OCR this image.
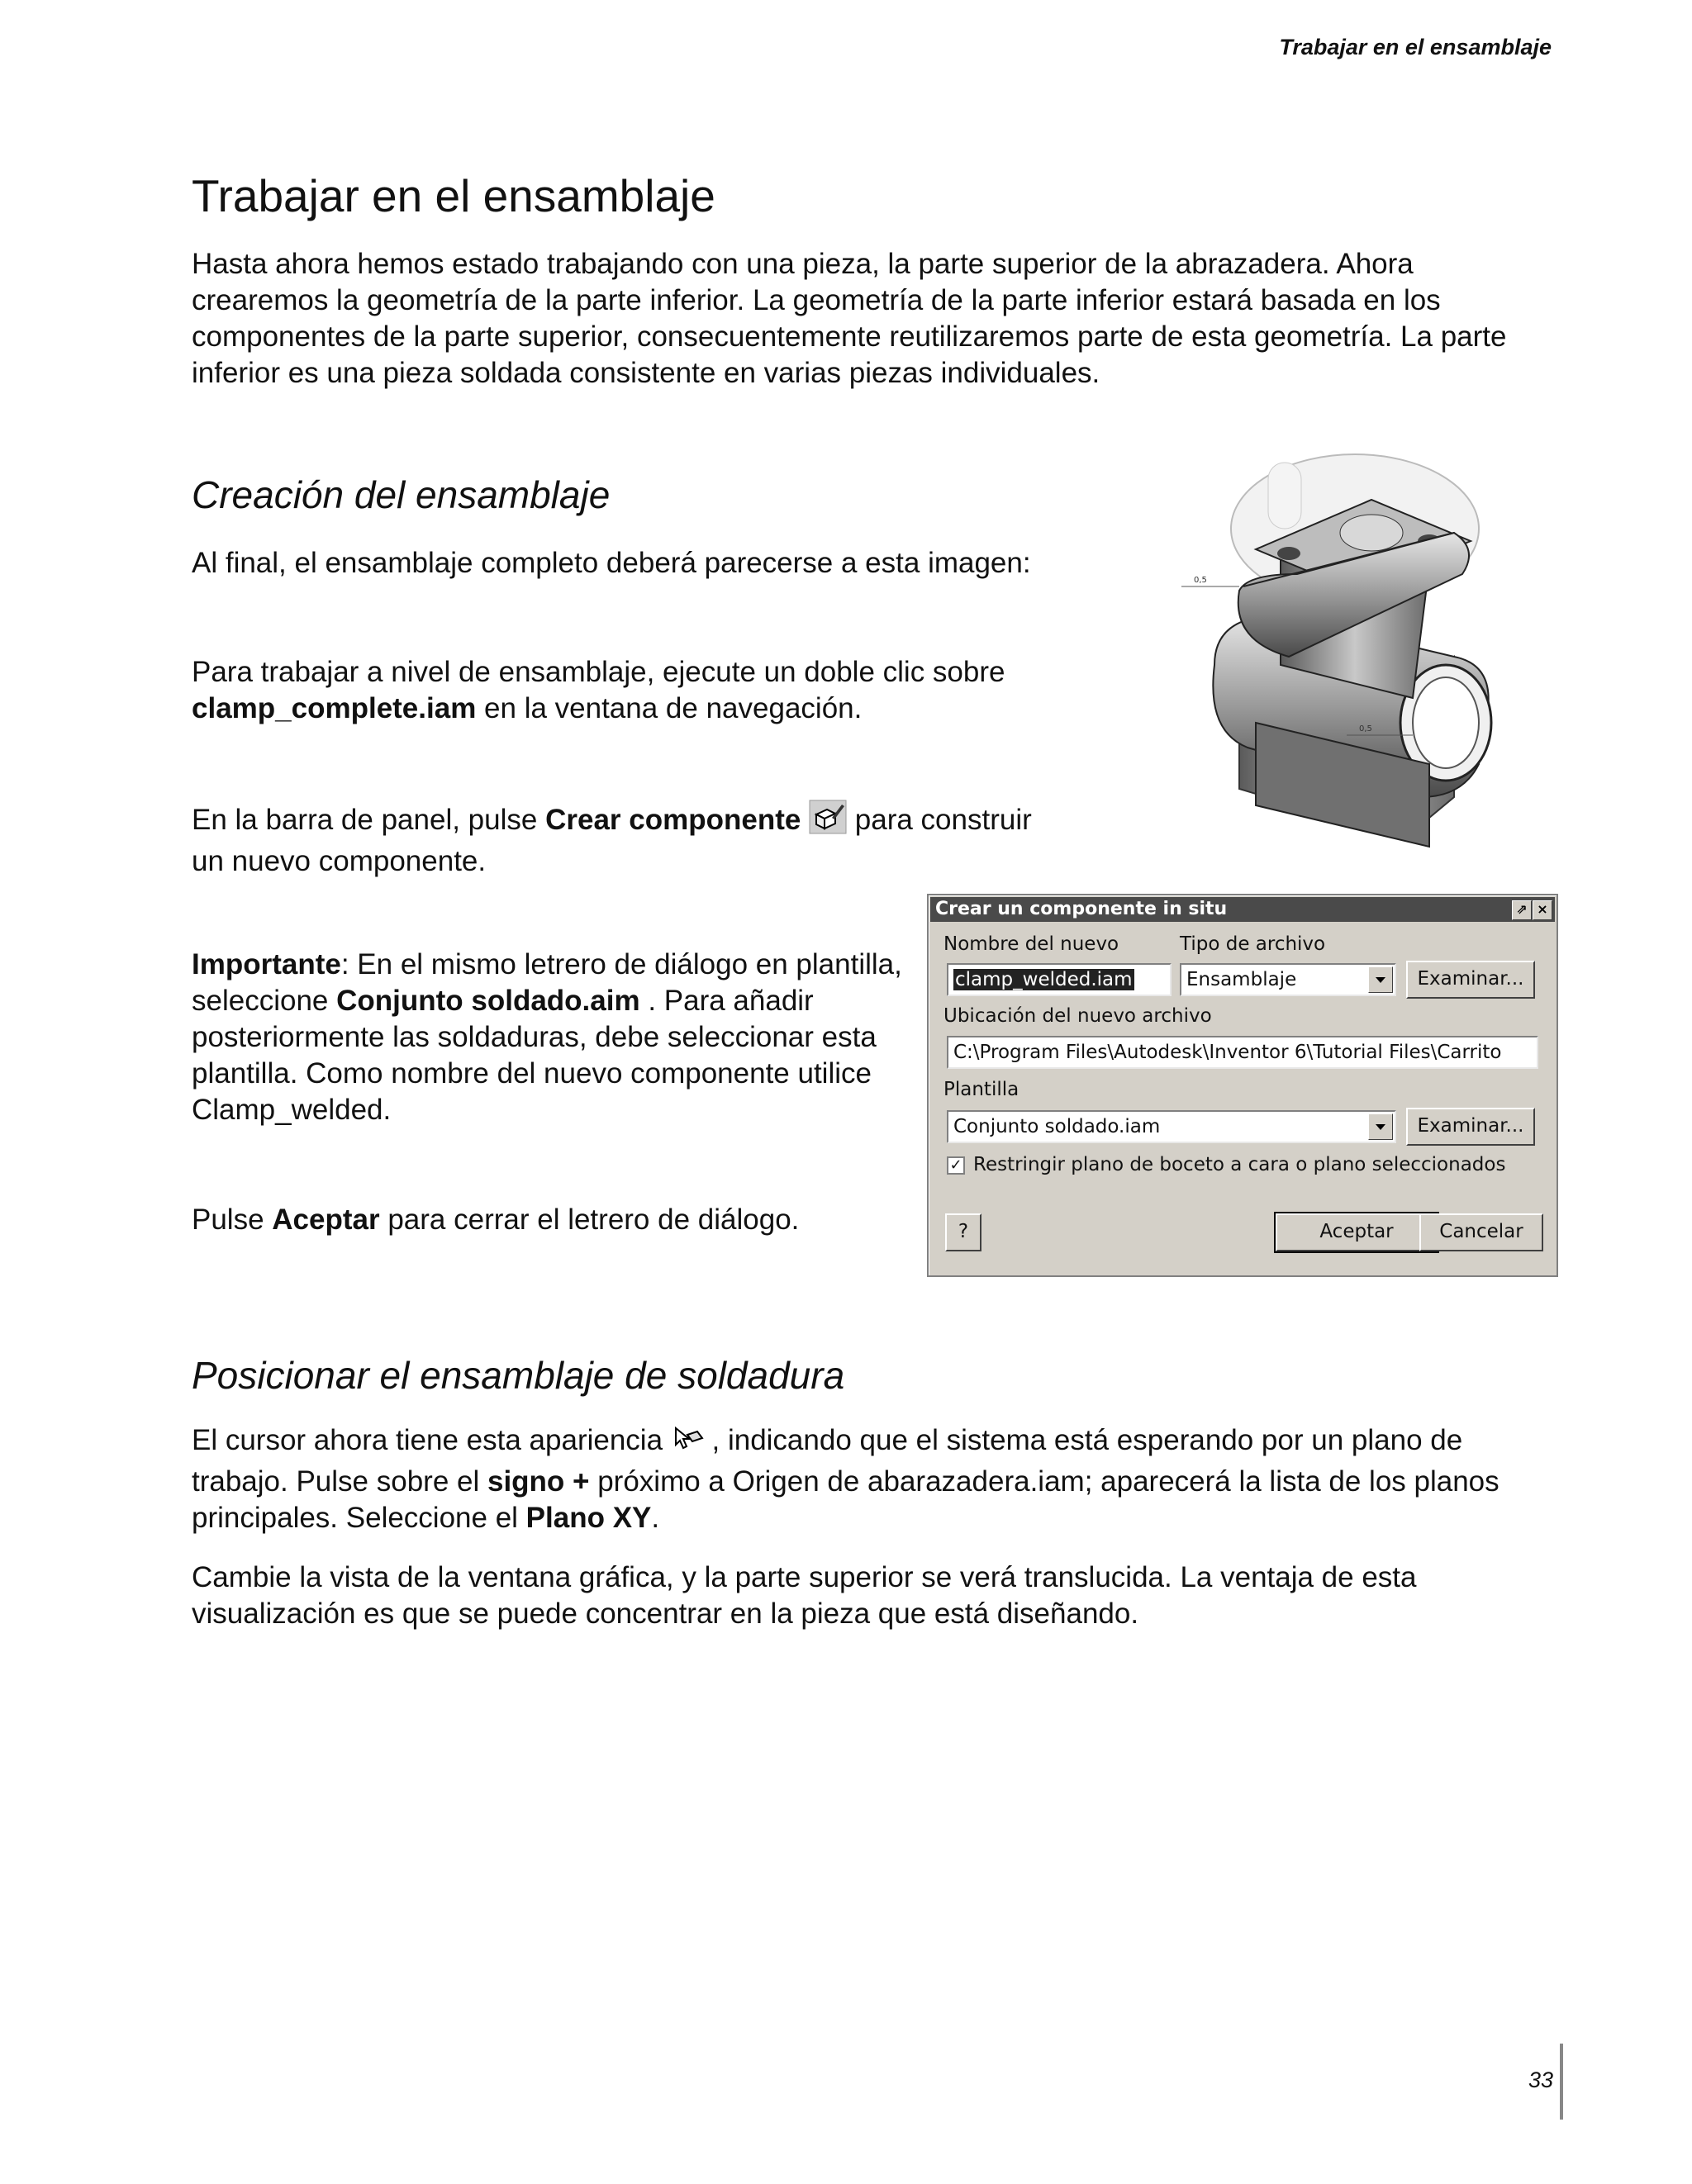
Trabajar en el ensamblaje
Trabajar en el ensamblaje
Hasta ahora hemos estado trabajando con una pieza, la parte superior de la abrazadera. Ahora crearemos la geometría de la parte inferior. La geometría de la parte inferior estará basada en los componentes de la parte superior, consecuentemente reutilizaremos parte de esta geometría. La parte inferior es una pieza soldada consistente en varias piezas individuales.
Creación del ensamblaje
Al final, el ensamblaje completo deberá parecerse a esta imagen:
Para trabajar a nivel de ensamblaje, ejecute un doble clic sobre
clamp_complete.iam en la ventana de navegación.
En la barra de panel, pulse Crear componente  para construir
un nuevo componente.
Importante: En el mismo letrero de diálogo en plantilla, seleccione Conjunto soldado.aim . Para añadir posteriormente las soldaduras, debe seleccionar esta plantilla. Como nombre del nuevo componente utilice Clamp_welded.
Pulse Aceptar para cerrar el letrero de diálogo.
0,5
0,5
Crear un componente in situ	⇗ ×
Nombre del nuevo	Tipo de archivo
clamp_welded.iam	Ensamblaje	Examinar...
Ubicación del nuevo archivo
C:\Program Files\Autodesk\Inventor 6\Tutorial Files\Carrito
Plantilla
Conjunto soldado.iam	Examinar...
✓ Restringir plano de boceto a cara o plano seleccionados
?	Aceptar	Cancelar
Posicionar el ensamblaje de soldadura
El cursor ahora tiene esta apariencia  , indicando que el sistema está esperando por un plano de trabajo. Pulse sobre el signo + próximo a Origen de abarazadera.iam; aparecerá la lista de los planos principales. Seleccione el Plano XY.
Cambie la vista de la ventana gráfica, y la parte superior se verá translucida. La ventaja de esta visualización es que se puede concentrar en la pieza que está diseñando.
33
